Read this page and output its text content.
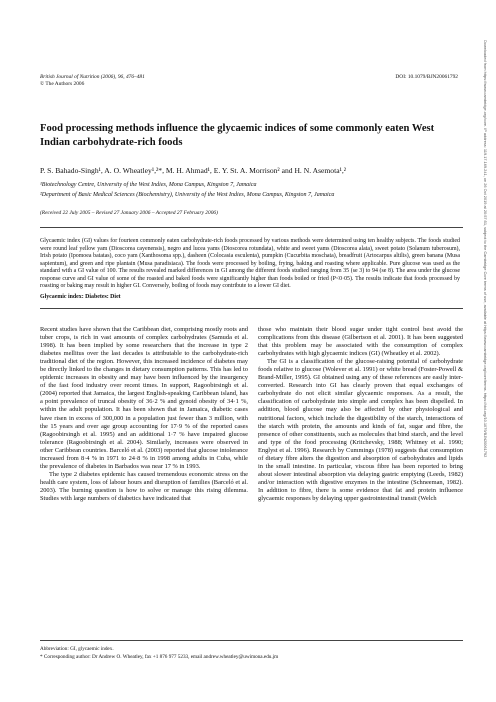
British Journal of Nutrition (2006), 96, 476–481
© The Authors 2006
DOI: 10.1079/BJN20061792
Food processing methods influence the glycaemic indices of some commonly eaten West Indian carbohydrate-rich foods
P. S. Bahado-Singh¹, A. O. Wheatley¹,²*, M. H. Ahmad¹, E. Y. St. A. Morrison² and H. N. Asemota¹,²
¹Biotechnology Centre, University of the West Indies, Mona Campus, Kingston 7, Jamaica
²Department of Basic Medical Sciences (Biochemistry), University of the West Indies, Mona Campus, Kingston 7, Jamaica
(Received 22 July 2005 – Revised 27 January 2006 – Accepted 27 February 2006)
Glycaemic index (GI) values for fourteen commonly eaten carbohydrate-rich foods processed by various methods were determined using ten healthy subjects. The foods studied were round leaf yellow yam (Dioscorea cayenensis), negro and lucea yams (Dioscorea rotundata), white and sweet yams (Dioscorea alata), sweet potato (Solanum tuberosum), Irish potato (Ipomoea batatas), coco yam (Xanthosoma spp.), dasheen (Colocasia esculenta), pumpkin (Cucurbita moschata), breadfruit (Artocarpus altilis), green banana (Musa sapientum), and green and ripe plantain (Musa paradisiaca). The foods were processed by boiling, frying, baking and roasting where applicable. Pure glucose was used as the standard with a GI value of 100. The results revealed marked differences in GI among the different foods studied ranging from 35 (se 3) to 94 (se 8). The area under the glucose response curve and GI value of some of the roasted and baked foods were significantly higher than foods boiled or fried (P<0·05). The results indicate that foods processed by roasting or baking may result in higher GI. Conversely, boiling of foods may contribute to a lower GI diet.
Glycaemic index: Diabetes: Diet

Recent studies have shown that the Caribbean diet, comprising mostly roots and tuber crops, is rich in vast amounts of complex carbohydrates (Samuda et al. 1998). It has been implied by some researchers that the increase in type 2 diabetes mellitus over the last decades is attributable to the carbohydrate-rich traditional diet of the region. However, this increased incidence of diabetes may be directly linked to the changes in dietary consumption patterns. This has led to epidemic increases in obesity and may have been influenced by the insurgency of the fast food industry over recent times. In support, Ragoobirsingh et al. (2004) reported that Jamaica, the largest English-speaking Caribbean island, has a point prevalence of truncal obesity of 36·2 % and gynoid obesity of 34·1 %, within the adult population. It has been shown that in Jamaica, diabetic cases have risen in excess of 300,000 in a population just fewer than 3 million, with the 15 years and over age group accounting for 17·9 % of the reported cases (Ragoobirsingh et al. 1995) and an additional 1·7 % have impaired glucose tolerance (Ragoobirsingh et al. 2004). Similarly, increases were observed in other Caribbean countries. Barceló et al. (2003) reported that glucose intolerance increased from 8·4 % in 1971 to 24·8 % in 1998 among adults in Cuba, while the prevalence of diabetes in Barbados was near 17 % in 1993.

The type 2 diabetes epidemic has caused tremendous economic stress on the health care system, loss of labour hours and disruption of families (Barceló et al. 2003). The burning question is how to solve or manage this rising dilemma. Studies with large numbers of diabetics have indicated that

those who maintain their blood sugar under tight control best avoid the complications from this disease (Gilbertson et al. 2001). It has been suggested that this problem may be associated with the consumption of complex carbohydrates with high glycaemic indices (GI) (Wheatley et al. 2002).

The GI is a classification of the glucose-raising potential of carbohydrate foods relative to glucose (Wolever et al. 1991) or white bread (Foster-Powell & Brand-Miller, 1995). GI obtained using any of these references are easily inter-converted. Research into GI has clearly proven that equal exchanges of carbohydrate do not elicit similar glycaemic responses. As a result, the classification of carbohydrate into simple and complex has been dispelled. In addition, blood glucose may also be affected by other physiological and nutritional factors, which include the digestibility of the starch, interactions of the starch with protein, the amounts and kinds of fat, sugar and fibre, the presence of other constituents, such as molecules that bind starch, and the level and type of the food processing (Kritchevsky, 1988; Whitney et al. 1990; Englyst et al. 1996). Research by Cummings (1978) suggests that consumption of dietary fibre alters the digestion and absorption of carbohydrates and lipids in the small intestine. In particular, viscous fibre has been reported to bring about slower intestinal absorption via delaying gastric emptying (Leeds, 1982) and/or interaction with digestive enzymes in the intestine (Schneeman, 1982). In addition to fibre, there is some evidence that fat and protein influence glycaemic responses by delaying upper gastrointestinal transit (Welch

Abbreviation: GI, glycaemic index.
* Corresponding author: Dr Andrew O. Wheatley, fax +1 876 977 5233, email andrew.wheatley@uwimona.edu.jm
Downloaded from https://www.cambridge.org/core. IP address: 119.17.169.241, on 26 Oct 2019 at 20:57:51, subject to the Cambridge Core terms of use, available at https://www.cambridge.org/core/terms. https://doi.org/10.1079/BJN20061792
